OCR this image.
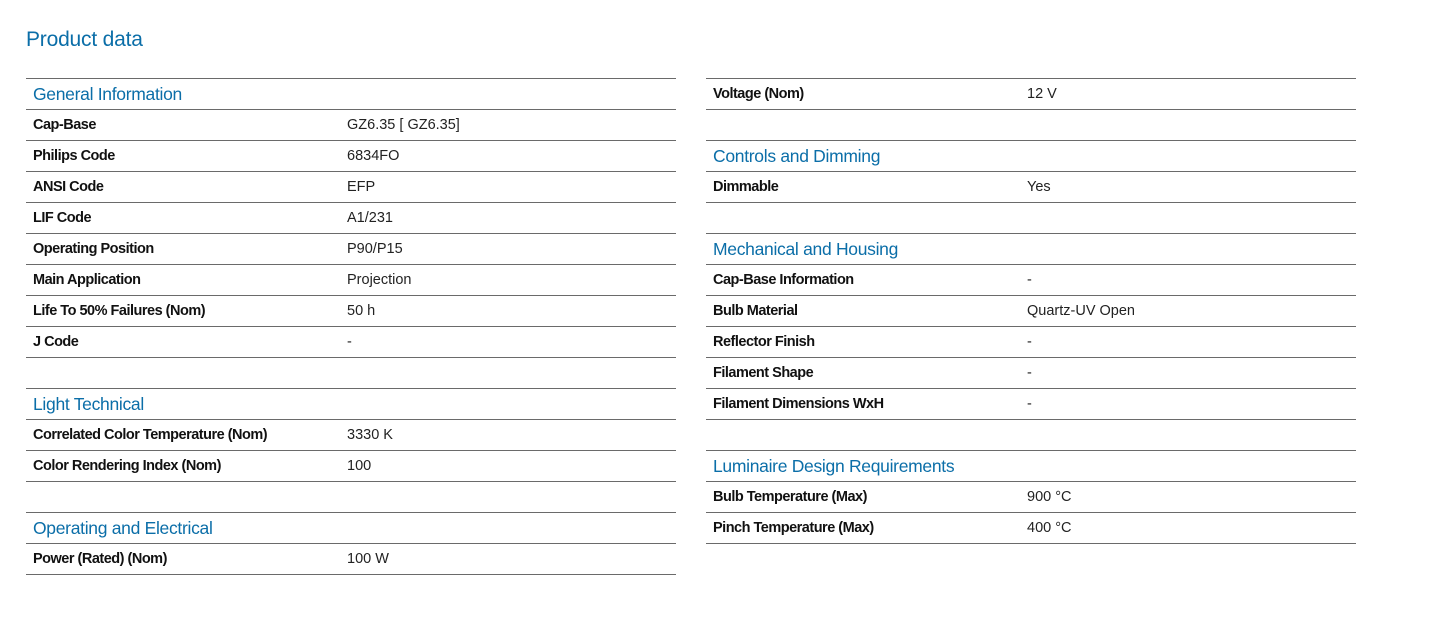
Product data
General Information
Cap-Base	GZ6.35 [ GZ6.35]
Philips Code	6834FO
ANSI Code	EFP
LIF Code	A1/231
Operating Position	P90/P15
Main Application	Projection
Life To 50% Failures (Nom)	50 h
J Code	-
Light Technical
Correlated Color Temperature (Nom)	3330 K
Color Rendering Index (Nom)	100
Operating and Electrical
Power (Rated) (Nom)	100 W
Voltage (Nom)	12 V
Controls and Dimming
Dimmable	Yes
Mechanical and Housing
Cap-Base Information	-
Bulb Material	Quartz-UV Open
Reflector Finish	-
Filament Shape	-
Filament Dimensions WxH	-
Luminaire Design Requirements
Bulb Temperature (Max)	900 °C
Pinch Temperature (Max)	400 °C
